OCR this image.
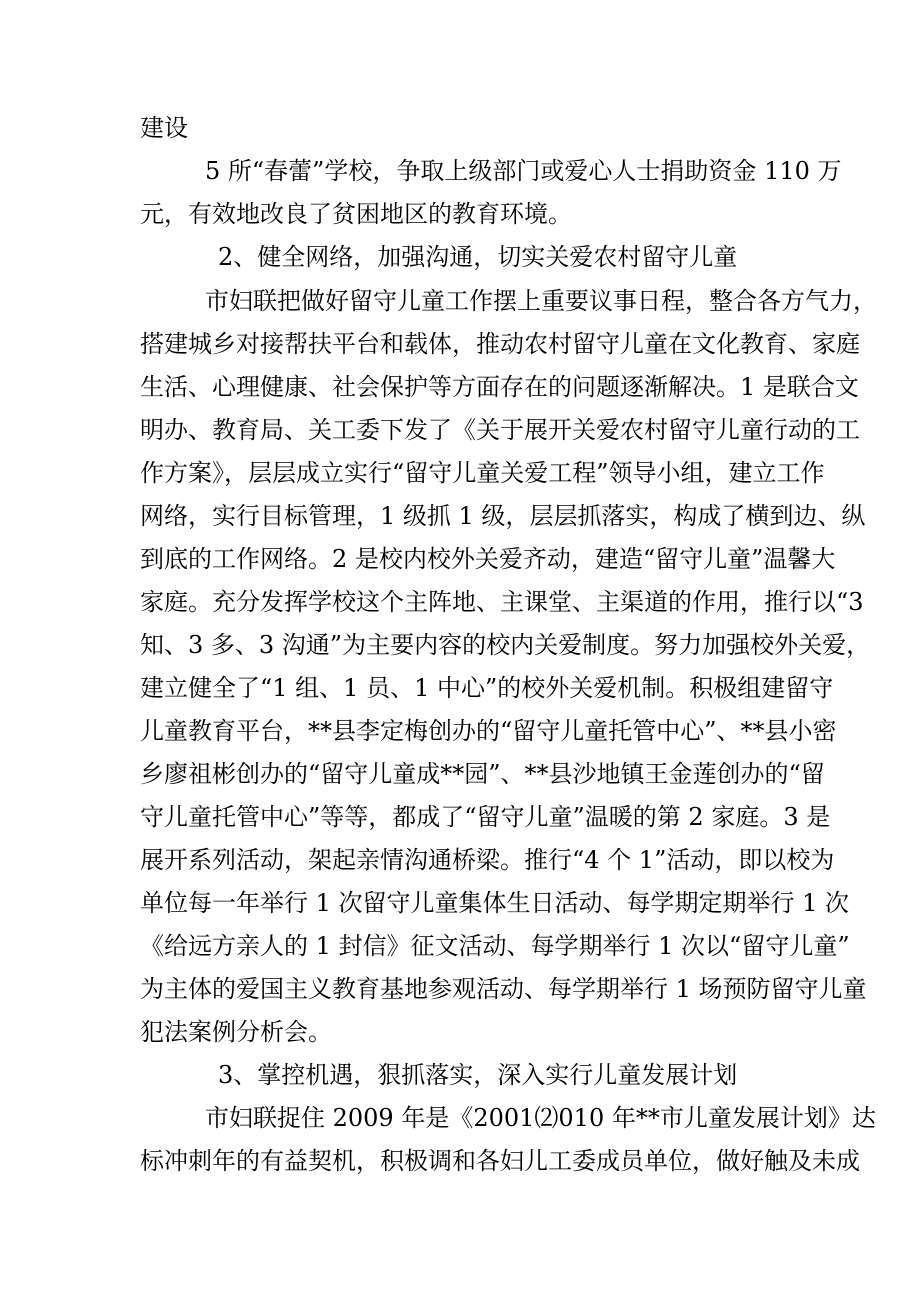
建设
5 所“春蕾”学校，争取上级部门或爱心人士捐助资金 110 万
元，有效地改良了贫困地区的教育环境。
2、健全网络，加强沟通，切实关爱农村留守儿童
市妇联把做好留守儿童工作摆上重要议事日程，整合各方气力，
搭建城乡对接帮扶平台和载体，推动农村留守儿童在文化教育、家庭
生活、心理健康、社会保护等方面存在的问题逐渐解决。1 是联合文
明办、教育局、关工委下发了《关于展开关爱农村留守儿童行动的工
作方案》，层层成立实行“留守儿童关爱工程”领导小组，建立工作
网络，实行目标管理，1 级抓 1 级，层层抓落实，构成了横到边、纵
到底的工作网络。2 是校内校外关爱齐动，建造“留守儿童”温馨大
家庭。充分发挥学校这个主阵地、主课堂、主渠道的作用，推行以“3
知、3 多、3 沟通”为主要内容的校内关爱制度。努力加强校外关爱，
建立健全了“1 组、1 员、1 中心”的校外关爱机制。积极组建留守
儿童教育平台，**县李定梅创办的“留守儿童托管中心”、**县小密
乡廖祖彬创办的“留守儿童成**园”、**县沙地镇王金莲创办的“留
守儿童托管中心”等等，都成了“留守儿童”温暖的第 2 家庭。3 是
展开系列活动，架起亲情沟通桥梁。推行“4 个 1”活动，即以校为
单位每一年举行 1 次留守儿童集体生日活动、每学期定期举行 1 次
《给远方亲人的 1 封信》征文活动、每学期举行 1 次以“留守儿童”
为主体的爱国主义教育基地参观活动、每学期举行 1 场预防留守儿童
犯法案例分析会。
3、掌控机遇，狠抓落实，深入实行儿童发展计划
市妇联捉住 2009 年是《2001⑵010 年**市儿童发展计划》达
标冲刺年的有益契机，积极调和各妇儿工委成员单位，做好触及未成
